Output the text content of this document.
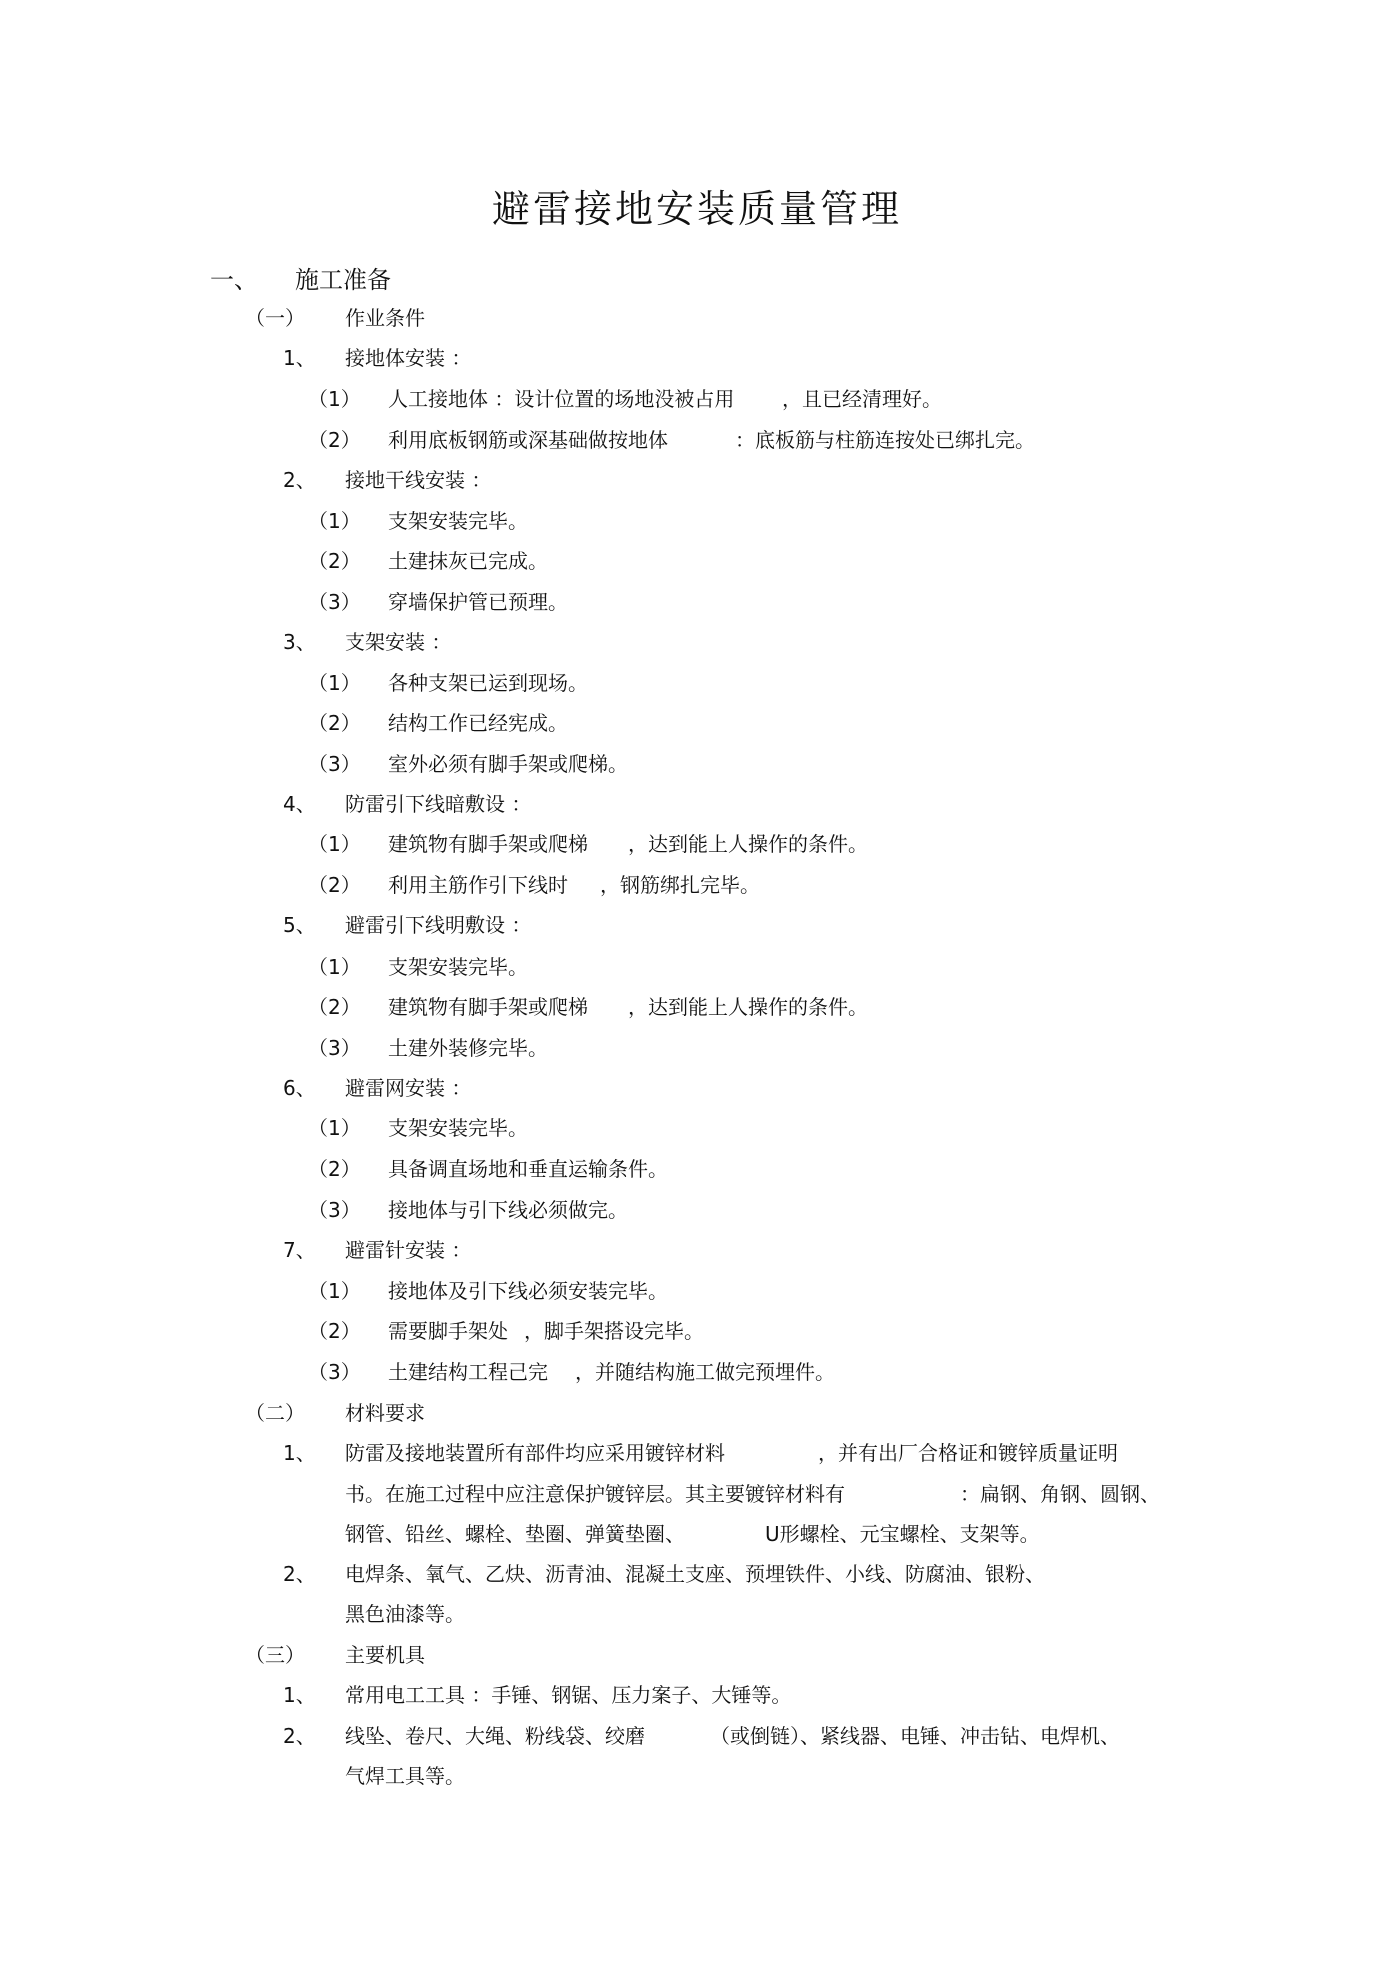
避雷接地安装质量管理
一、 施工准备
（一） 作业条件
1、 接地体安装 ：
（1） 人工接地体 ：设计位置的场地没被占用 ，且已经清理好。
（2） 利用底板钢筋或深基础做按地体	：底板筋与柱筋连按处已绑扎完。
2、 接地干线安装 ：
（1） 支架安装完毕。
（2） 土建抹灰已完成。
（3） 穿墙保护管已预理。
3、 支架安装 ：
（1） 各种支架已运到现场。
（2） 结构工作已经宪成。
（3） 室外必须有脚手架或爬梯。
4、 防雷引下线暗敷设 ：
（1） 建筑物有脚手架或爬梯 ，达到能上人操作的条件。
（2） 利用主筋作引下线时 ，钢筋绑扎完毕。
5、 避雷引下线明敷设 ：
（1） 支架安装完毕。
（2） 建筑物有脚手架或爬梯 ，达到能上人操作的条件。
（3） 土建外装修完毕。
6、 避雷网安装 ：
（1） 支架安装完毕。
（2） 具备调直场地和垂直运输条件。
（3） 接地体与引下线必须做完。
7、 避雷针安装 ：
（1） 接地体及引下线必须安装完毕。
（2） 需要脚手架处 ，脚手架搭设完毕。
（3） 土建结构工程己完 ，并随结构施工做完预埋件。
（二） 材料要求
1、 防雷及接地装置所有部件均应采用镀锌材料	，并有出厂合格证和镀锌质量证明
书。在施工过程中应注意保护镀锌层。其主要镀锌材料有	：扁钢、角钢、圆钢、
钢管、铅丝、螺栓、垫圈、弹簧垫圈、	U形螺栓、元宝螺栓、支架等。
2、 电焊条、氧气、乙炔、沥青油、混凝土支座、预埋铁件、小线、防腐油、银粉、
黑色油漆等。
（三） 主要机具
1、 常用电工工具 ：手锤、钢锯、压力案子、大锤等。
2、 线坠、卷尺、大绳、粉线袋、绞磨	（或倒链）、紧线器、电锤、冲击钻、电焊机、
气焊工具等。
